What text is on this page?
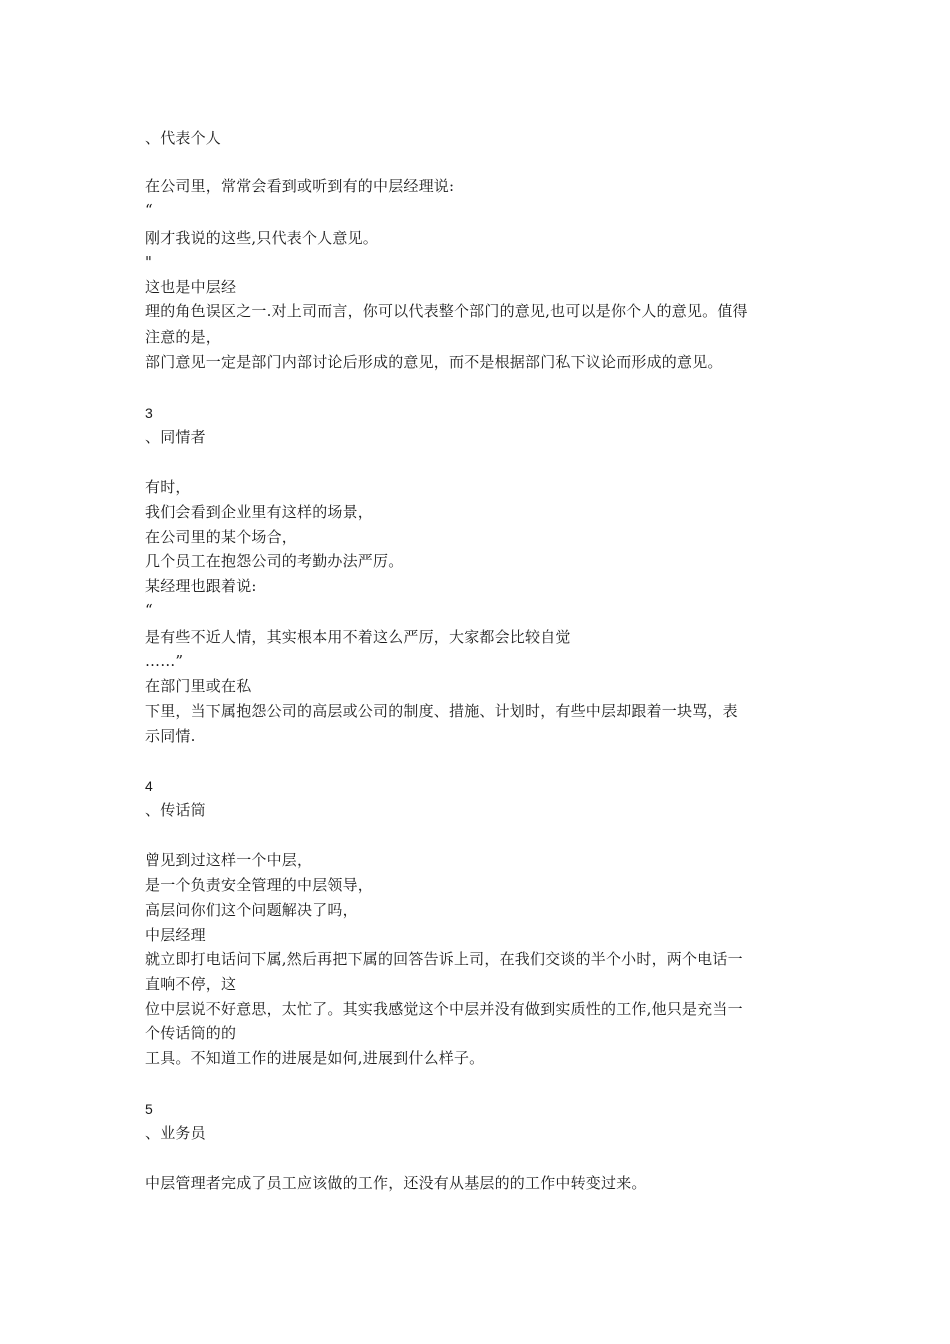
、代表个人
在公司里，常常会看到或听到有的中层经理说:
“
刚才我说的这些,只代表个人意见。
"
这也是中层经
理的角色误区之一.对上司而言，你可以代表整个部门的意见,也可以是你个人的意见。值得
注意的是，
部门意见一定是部门内部讨论后形成的意见，而不是根据部门私下议论而形成的意见。
3
、同情者
有时，
我们会看到企业里有这样的场景，
在公司里的某个场合，
几个员工在抱怨公司的考勤办法严厉。
某经理也跟着说:
“
是有些不近人情，其实根本用不着这么严厉，大家都会比较自觉
……”
在部门里或在私
下里，当下属抱怨公司的高层或公司的制度、措施、计划时，有些中层却跟着一块骂，表
示同情.
4
、传话筒
曾见到过这样一个中层，
是一个负责安全管理的中层领导，
高层问你们这个问题解决了吗，
中层经理
就立即打电话问下属,然后再把下属的回答告诉上司，在我们交谈的半个小时，两个电话一
直响不停，这
位中层说不好意思，太忙了。其实我感觉这个中层并没有做到实质性的工作,他只是充当一
个传话筒的的
工具。不知道工作的进展是如何,进展到什么样子。
5
、业务员
中层管理者完成了员工应该做的工作，还没有从基层的的工作中转变过来。
